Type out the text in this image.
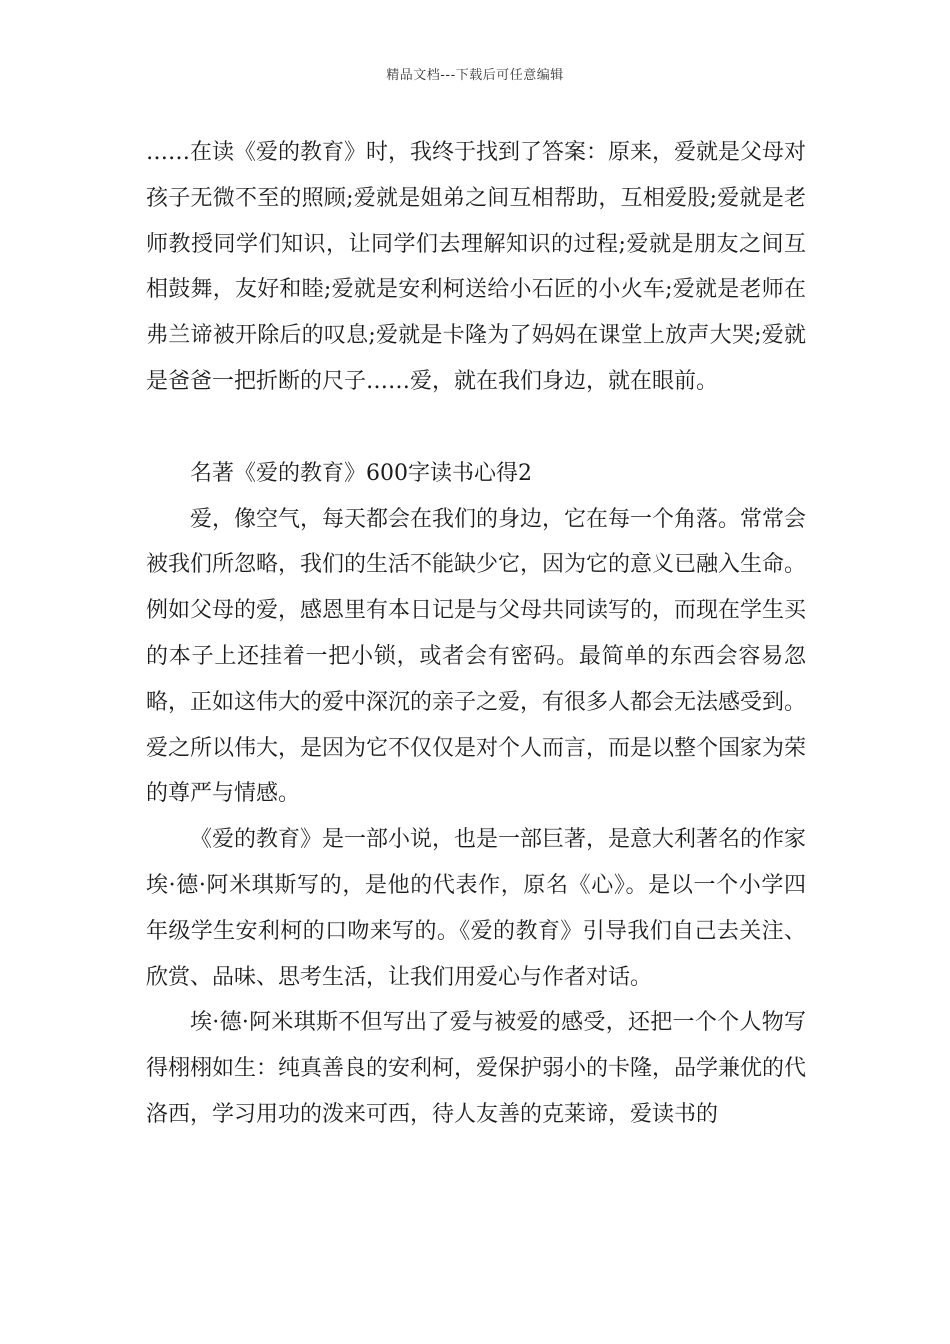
精品文档---下载后可任意编辑

……在读《爱的教育》时，我终于找到了答案：原来，爱就是父母对孩子无微不至的照顾;爱就是姐弟之间互相帮助，互相爱股;爱就是老师教授同学们知识，让同学们去理解知识的过程;爱就是朋友之间互相鼓舞，友好和睦;爱就是安利柯送给小石匠的小火车;爱就是老师在弗兰谛被开除后的叹息;爱就是卡隆为了妈妈在课堂上放声大哭;爱就是爸爸一把折断的尺子……爱，就在我们身边，就在眼前。

名著《爱的教育》600字读书心得2

爱，像空气，每天都会在我们的身边，它在每一个角落。常常会被我们所忽略，我们的生活不能缺少它，因为它的意义已融入生命。例如父母的爱，感恩里有本日记是与父母共同读写的，而现在学生买的本子上还挂着一把小锁，或者会有密码。最简单的东西会容易忽略，正如这伟大的爱中深沉的亲子之爱，有很多人都会无法感受到。爱之所以伟大，是因为它不仅仅是对个人而言，而是以整个国家为荣的尊严与情感。

《爱的教育》是一部小说，也是一部巨著，是意大利著名的作家埃·德·阿米琪斯写的，是他的代表作，原名《心》。是以一个小学四年级学生安利柯的口吻来写的。《爱的教育》引导我们自己去关注、欣赏、品味、思考生活，让我们用爱心与作者对话。

埃·德·阿米琪斯不但写出了爱与被爱的感受，还把一个个人物写得栩栩如生：纯真善良的安利柯，爱保护弱小的卡隆，品学兼优的代洛西，学习用功的泼来可西，待人友善的克莱谛，爱读书的
